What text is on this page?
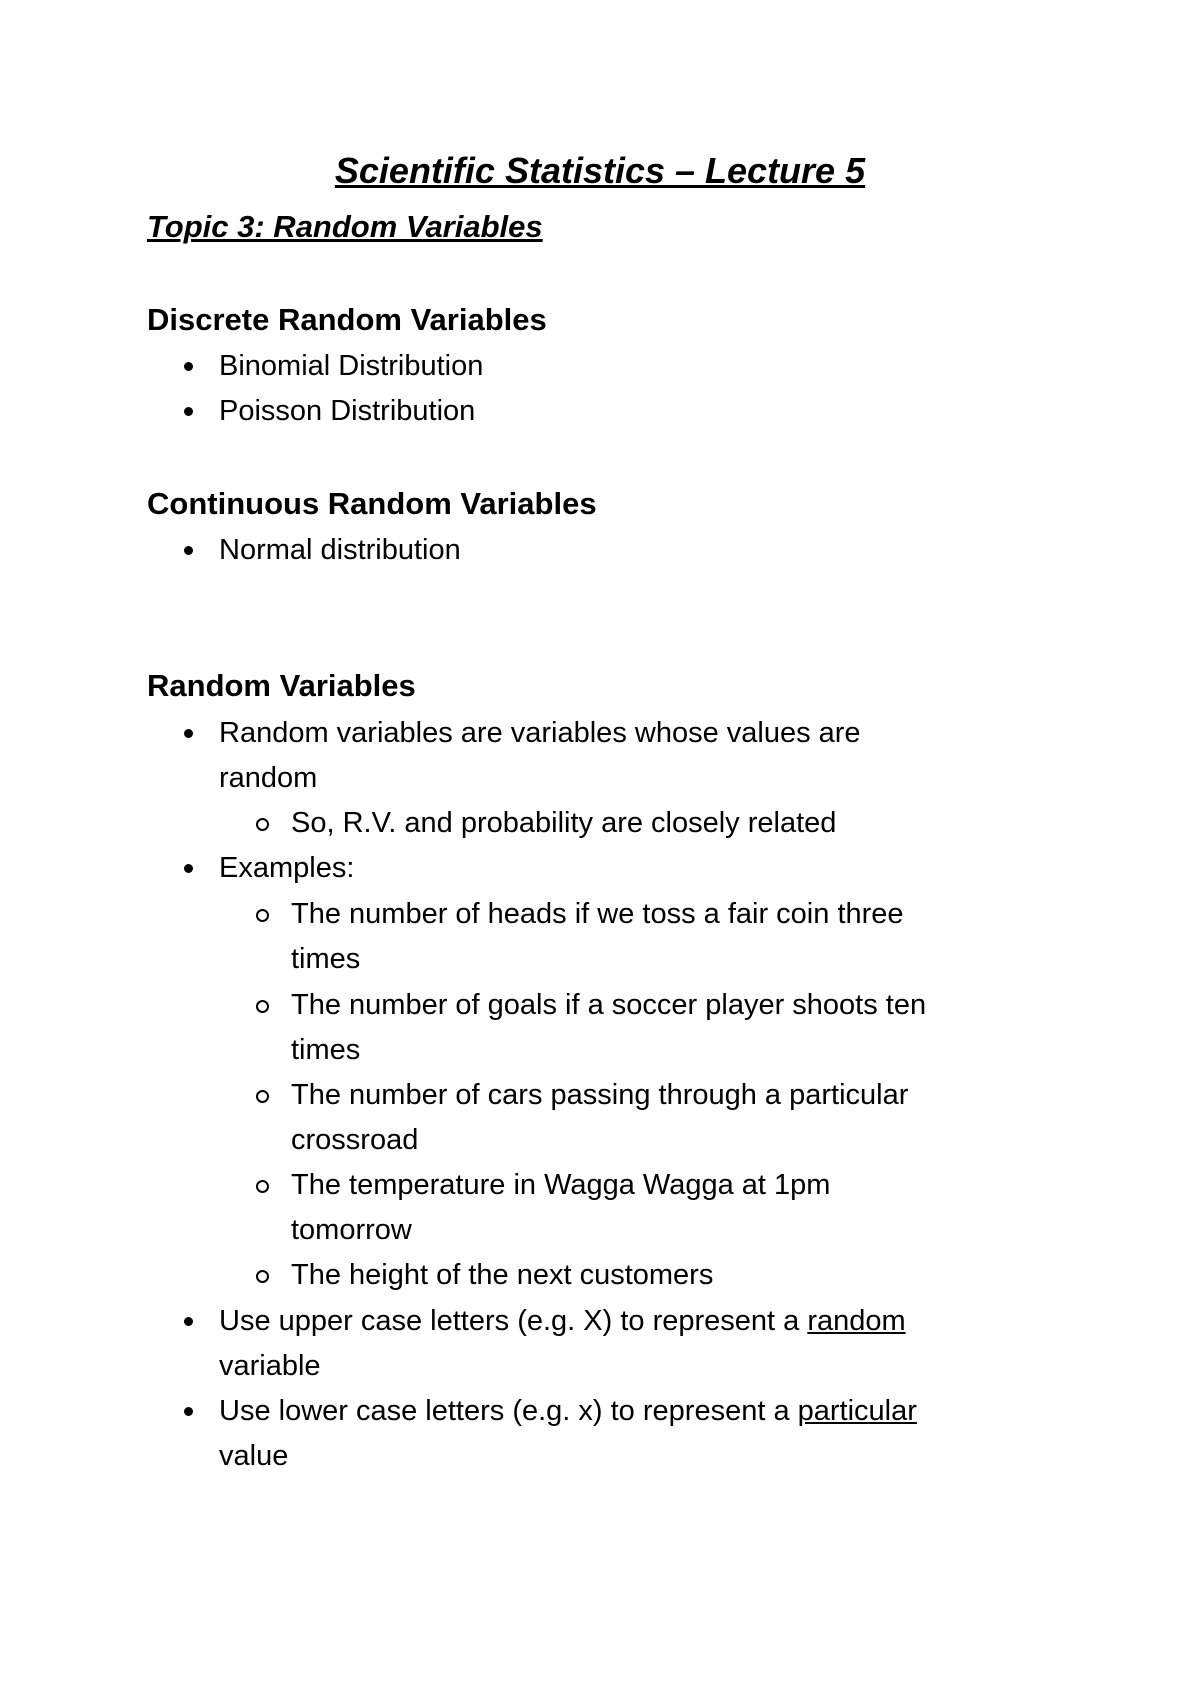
Scientific Statistics – Lecture 5
Topic 3: Random Variables
Discrete Random Variables
Binomial Distribution
Poisson Distribution
Continuous Random Variables
Normal distribution
Random Variables
Random variables are variables whose values are
random
So, R.V. and probability are closely related
Examples:
The number of heads if we toss a fair coin three
times
The number of goals if a soccer player shoots ten
times
The number of cars passing through a particular
crossroad
The temperature in Wagga Wagga at 1pm
tomorrow
The height of the next customers
Use upper case letters (e.g. X) to represent a random
variable
Use lower case letters (e.g. x) to represent a particular
value
